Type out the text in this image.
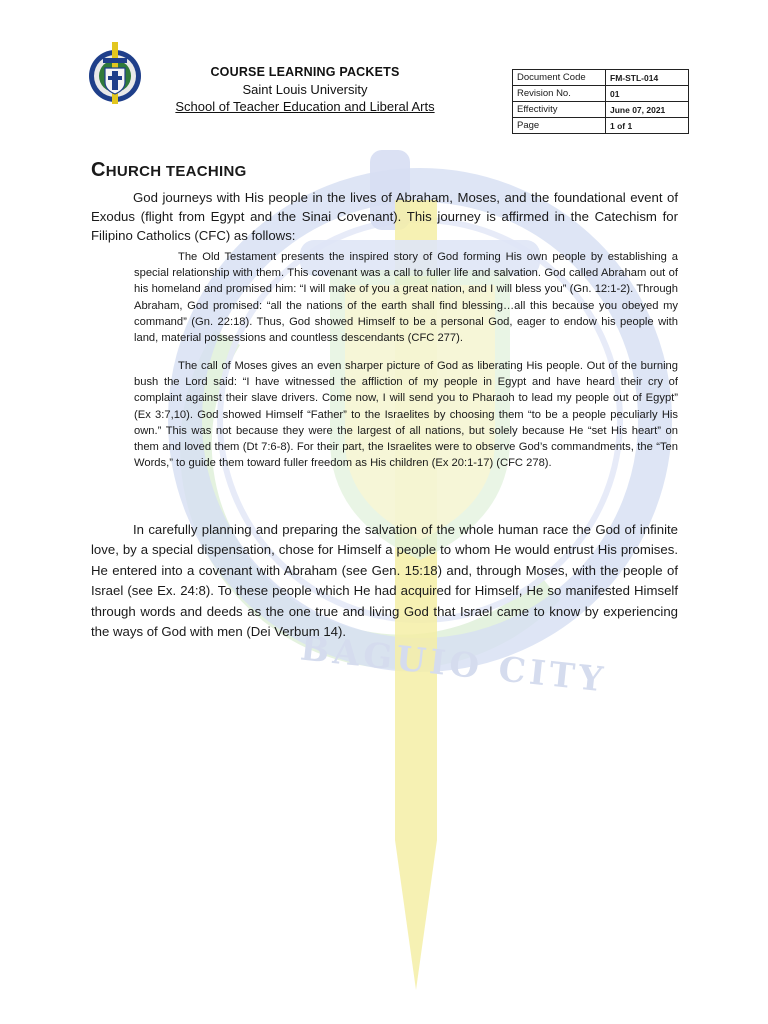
BAGUIO CITY
COURSE LEARNING PACKETS
Saint Louis University
School of Teacher Education and Liberal Arts
Document Code	FM-STL-014
Revision No.	01
Effectivity	June 07, 2021
Page	1 of 1
CHURCH TEACHING
God journeys with His people in the lives of Abraham, Moses, and the foundational event of Exodus (flight from Egypt and the Sinai Covenant). This journey is affirmed in the Catechism for Filipino Catholics (CFC) as follows:
The Old Testament presents the inspired story of God forming His own people by establishing a special relationship with them. This covenant was a call to fuller life and salvation. God called Abraham out of his homeland and promised him: “I will make of you a great nation, and I will bless you” (Gn. 12:1-2). Through Abraham, God promised: “all the nations of the earth shall find blessing…all this because you obeyed my command” (Gn. 22:18). Thus, God showed Himself to be a personal God, eager to endow his people with land, material possessions and countless descendants (CFC 277).
The call of Moses gives an even sharper picture of God as liberating His people. Out of the burning bush the Lord said: “I have witnessed the affliction of my people in Egypt and have heard their cry of complaint against their slave drivers. Come now, I will send you to Pharaoh to lead my people out of Egypt” (Ex 3:7,10). God showed Himself “Father” to the Israelites by choosing them “to be a people peculiarly His own.” This was not because they were the largest of all nations, but solely because He “set His heart” on them and loved them (Dt 7:6-8). For their part, the Israelites were to observe God’s commandments, the “Ten Words,” to guide them toward fuller freedom as His children (Ex 20:1-17) (CFC 278).
In carefully planning and preparing the salvation of the whole human race the God of infinite love, by a special dispensation, chose for Himself a people to whom He would entrust His promises. He entered into a covenant with Abraham (see Gen. 15:18) and, through Moses, with the people of Israel (see Ex. 24:8). To these people which He had acquired for Himself, He so manifested Himself through words and deeds as the one true and living God that Israel came to know by experiencing the ways of God with men (Dei Verbum 14).
